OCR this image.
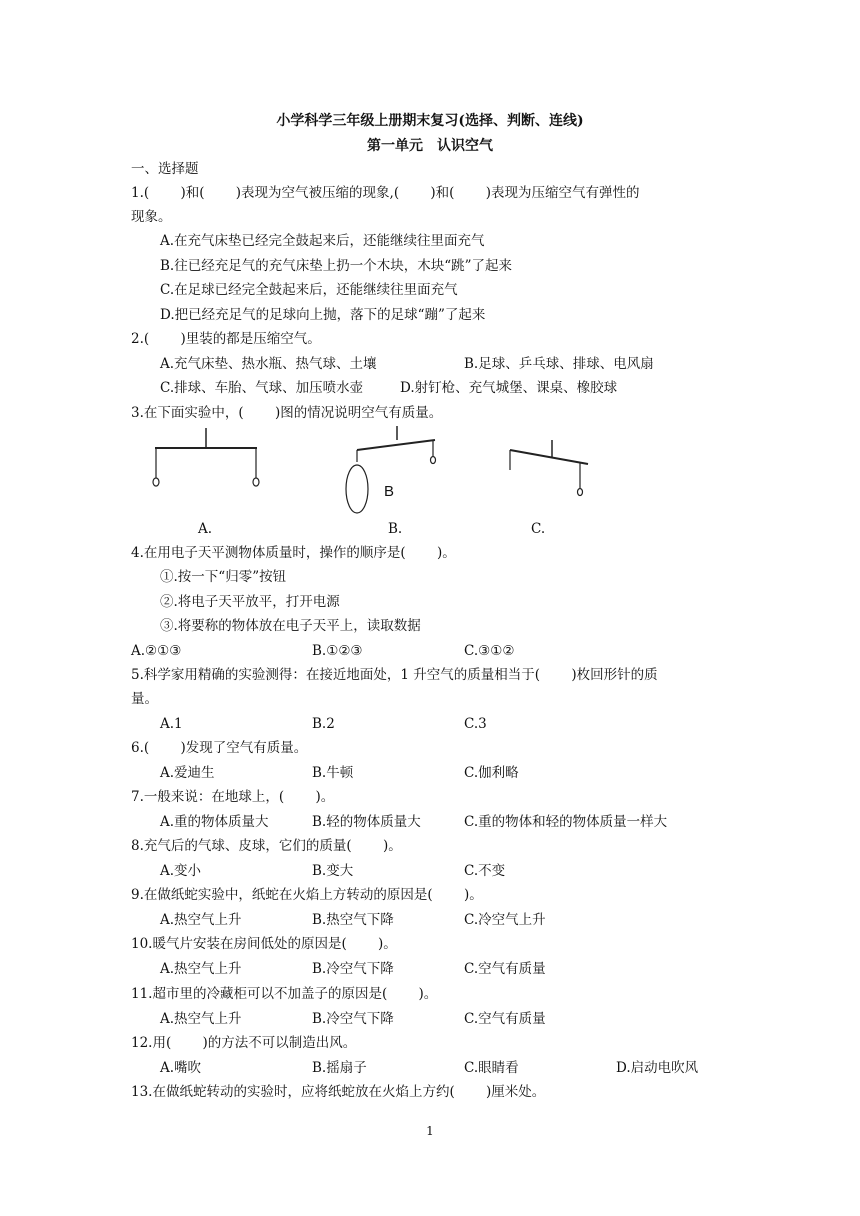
小学科学三年级上册期末复习(选择、判断、连线)
第一单元　认识空气
一、选择题
1.(　　 )和(　　 )表现为空气被压缩的现象,(　　 )和(　　 )表现为压缩空气有弹性的
现象。
A.在充气床垫已经完全鼓起来后，还能继续往里面充气
B.往已经充足气的充气床垫上扔一个木块，木块“跳”了起来
C.在足球已经完全鼓起来后，还能继续往里面充气
D.把已经充足气的足球向上抛，落下的足球“蹦”了起来
2.(　　 )里装的都是压缩空气。
A.充气床垫、热水瓶、热气球、土壤	B.足球、乒乓球、排球、电风扇
C.排球、车胎、气球、加压喷水壶	D.射钉枪、充气城堡、课桌、橡胶球
3.在下面实验中，(　　 )图的情况说明空气有质量。
B
A.	B.	C.
4.在用电子天平测物体质量时，操作的顺序是(　　 )。
①.按一下“归零”按钮
②.将电子天平放平，打开电源
③.将要称的物体放在电子天平上，读取数据
A.②①③	B.①②③	C.③①②
5.科学家用精确的实验测得：在接近地面处，1 升空气的质量相当于(　　 )枚回形针的质
量。
A.1	B.2	C.3
6.(　　 )发现了空气有质量。
A.爱迪生	B.牛顿	C.伽利略
7.一般来说：在地球上，(　　 )。
A.重的物体质量大	B.轻的物体质量大	C.重的物体和轻的物体质量一样大
8.充气后的气球、皮球，它们的质量(　　 )。
A.变小	B.变大	C.不变
9.在做纸蛇实验中，纸蛇在火焰上方转动的原因是(　　 )。
A.热空气上升	B.热空气下降	C.冷空气上升
10.暖气片安装在房间低处的原因是(　　 )。
A.热空气上升	B.冷空气下降	C.空气有质量
11.超市里的冷藏柜可以不加盖子的原因是(　　 )。
A.热空气上升	B.冷空气下降	C.空气有质量
12.用(　　 )的方法不可以制造出风。
A.嘴吹	B.摇扇子	C.眼睛看	D.启动电吹风
13.在做纸蛇转动的实验时，应将纸蛇放在火焰上方约(　　 )厘米处。
1
